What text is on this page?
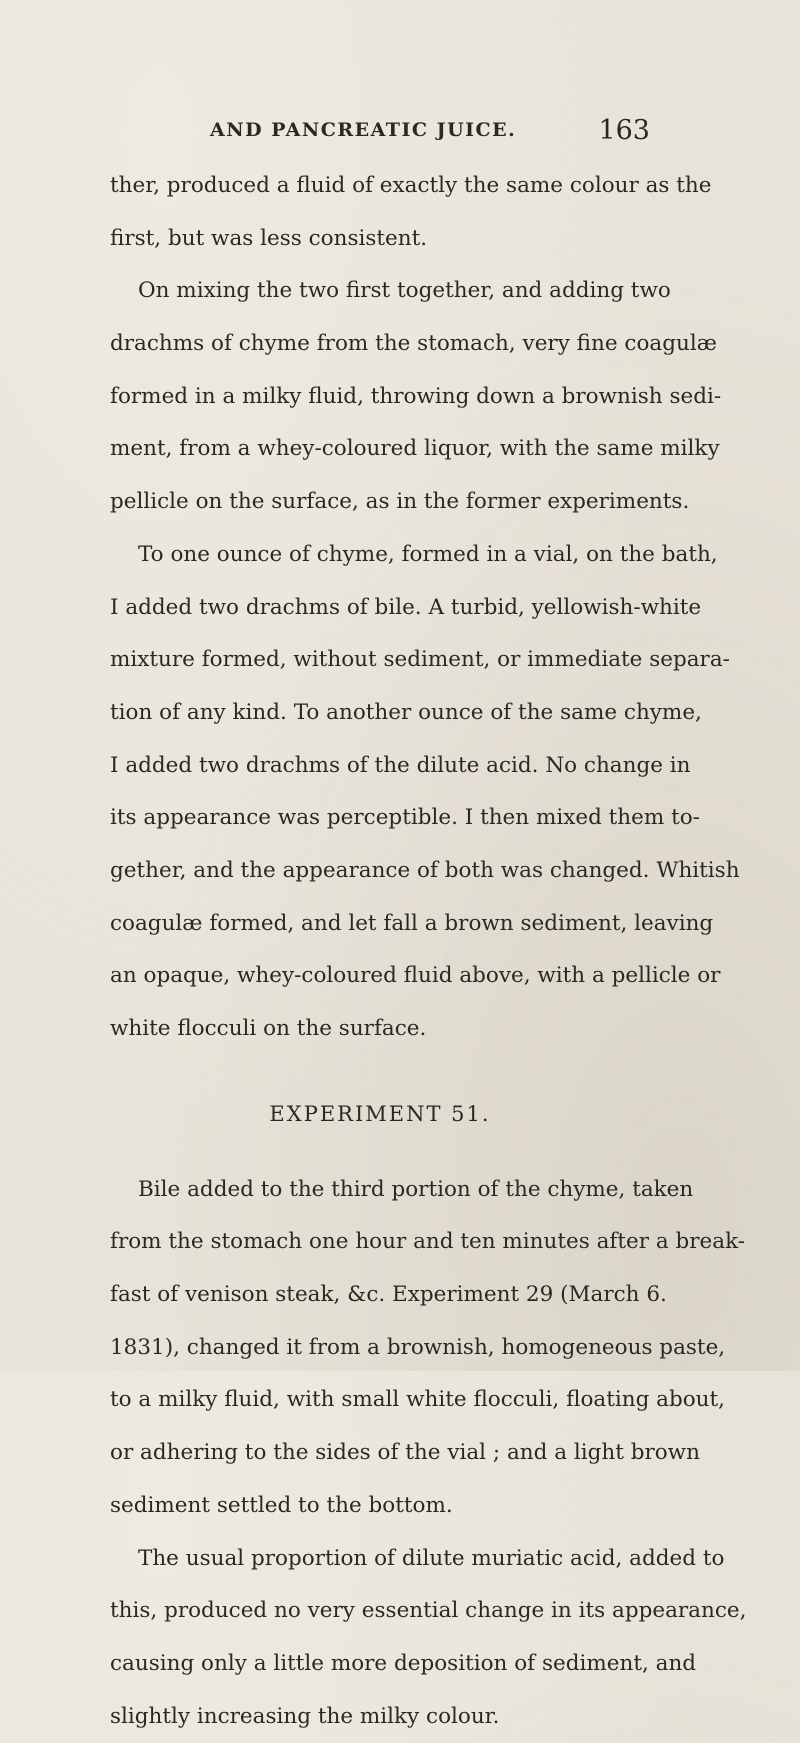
AND PANCREATIC JUICE.	163
ther, produced a fluid of exactly the same colour as the
first, but was less consistent.
On mixing the two first together, and adding two
drachms of chyme from the stomach, very fine coagulæ
formed in a milky fluid, throwing down a brownish sedi-
ment, from a whey-coloured liquor, with the same milky
pellicle on the surface, as in the former experiments.
To one ounce of chyme, formed in a vial, on the bath,
I added two drachms of bile. A turbid, yellowish-white
mixture formed, without sediment, or immediate separa-
tion of any kind. To another ounce of the same chyme,
I added two drachms of the dilute acid. No change in
its appearance was perceptible. I then mixed them to-
gether, and the appearance of both was changed. Whitish
coagulæ formed, and let fall a brown sediment, leaving
an opaque, whey-coloured fluid above, with a pellicle or
white flocculi on the surface.
EXPERIMENT 51.
Bile added to the third portion of the chyme, taken
from the stomach one hour and ten minutes after a break-
fast of venison steak, &c. Experiment 29 (March 6.
1831), changed it from a brownish, homogeneous paste,
to a milky fluid, with small white flocculi, floating about,
or adhering to the sides of the vial ; and a light brown
sediment settled to the bottom.
The usual proportion of dilute muriatic acid, added to
this, produced no very essential change in its appearance,
causing only a little more deposition of sediment, and
slightly increasing the milky colour.
